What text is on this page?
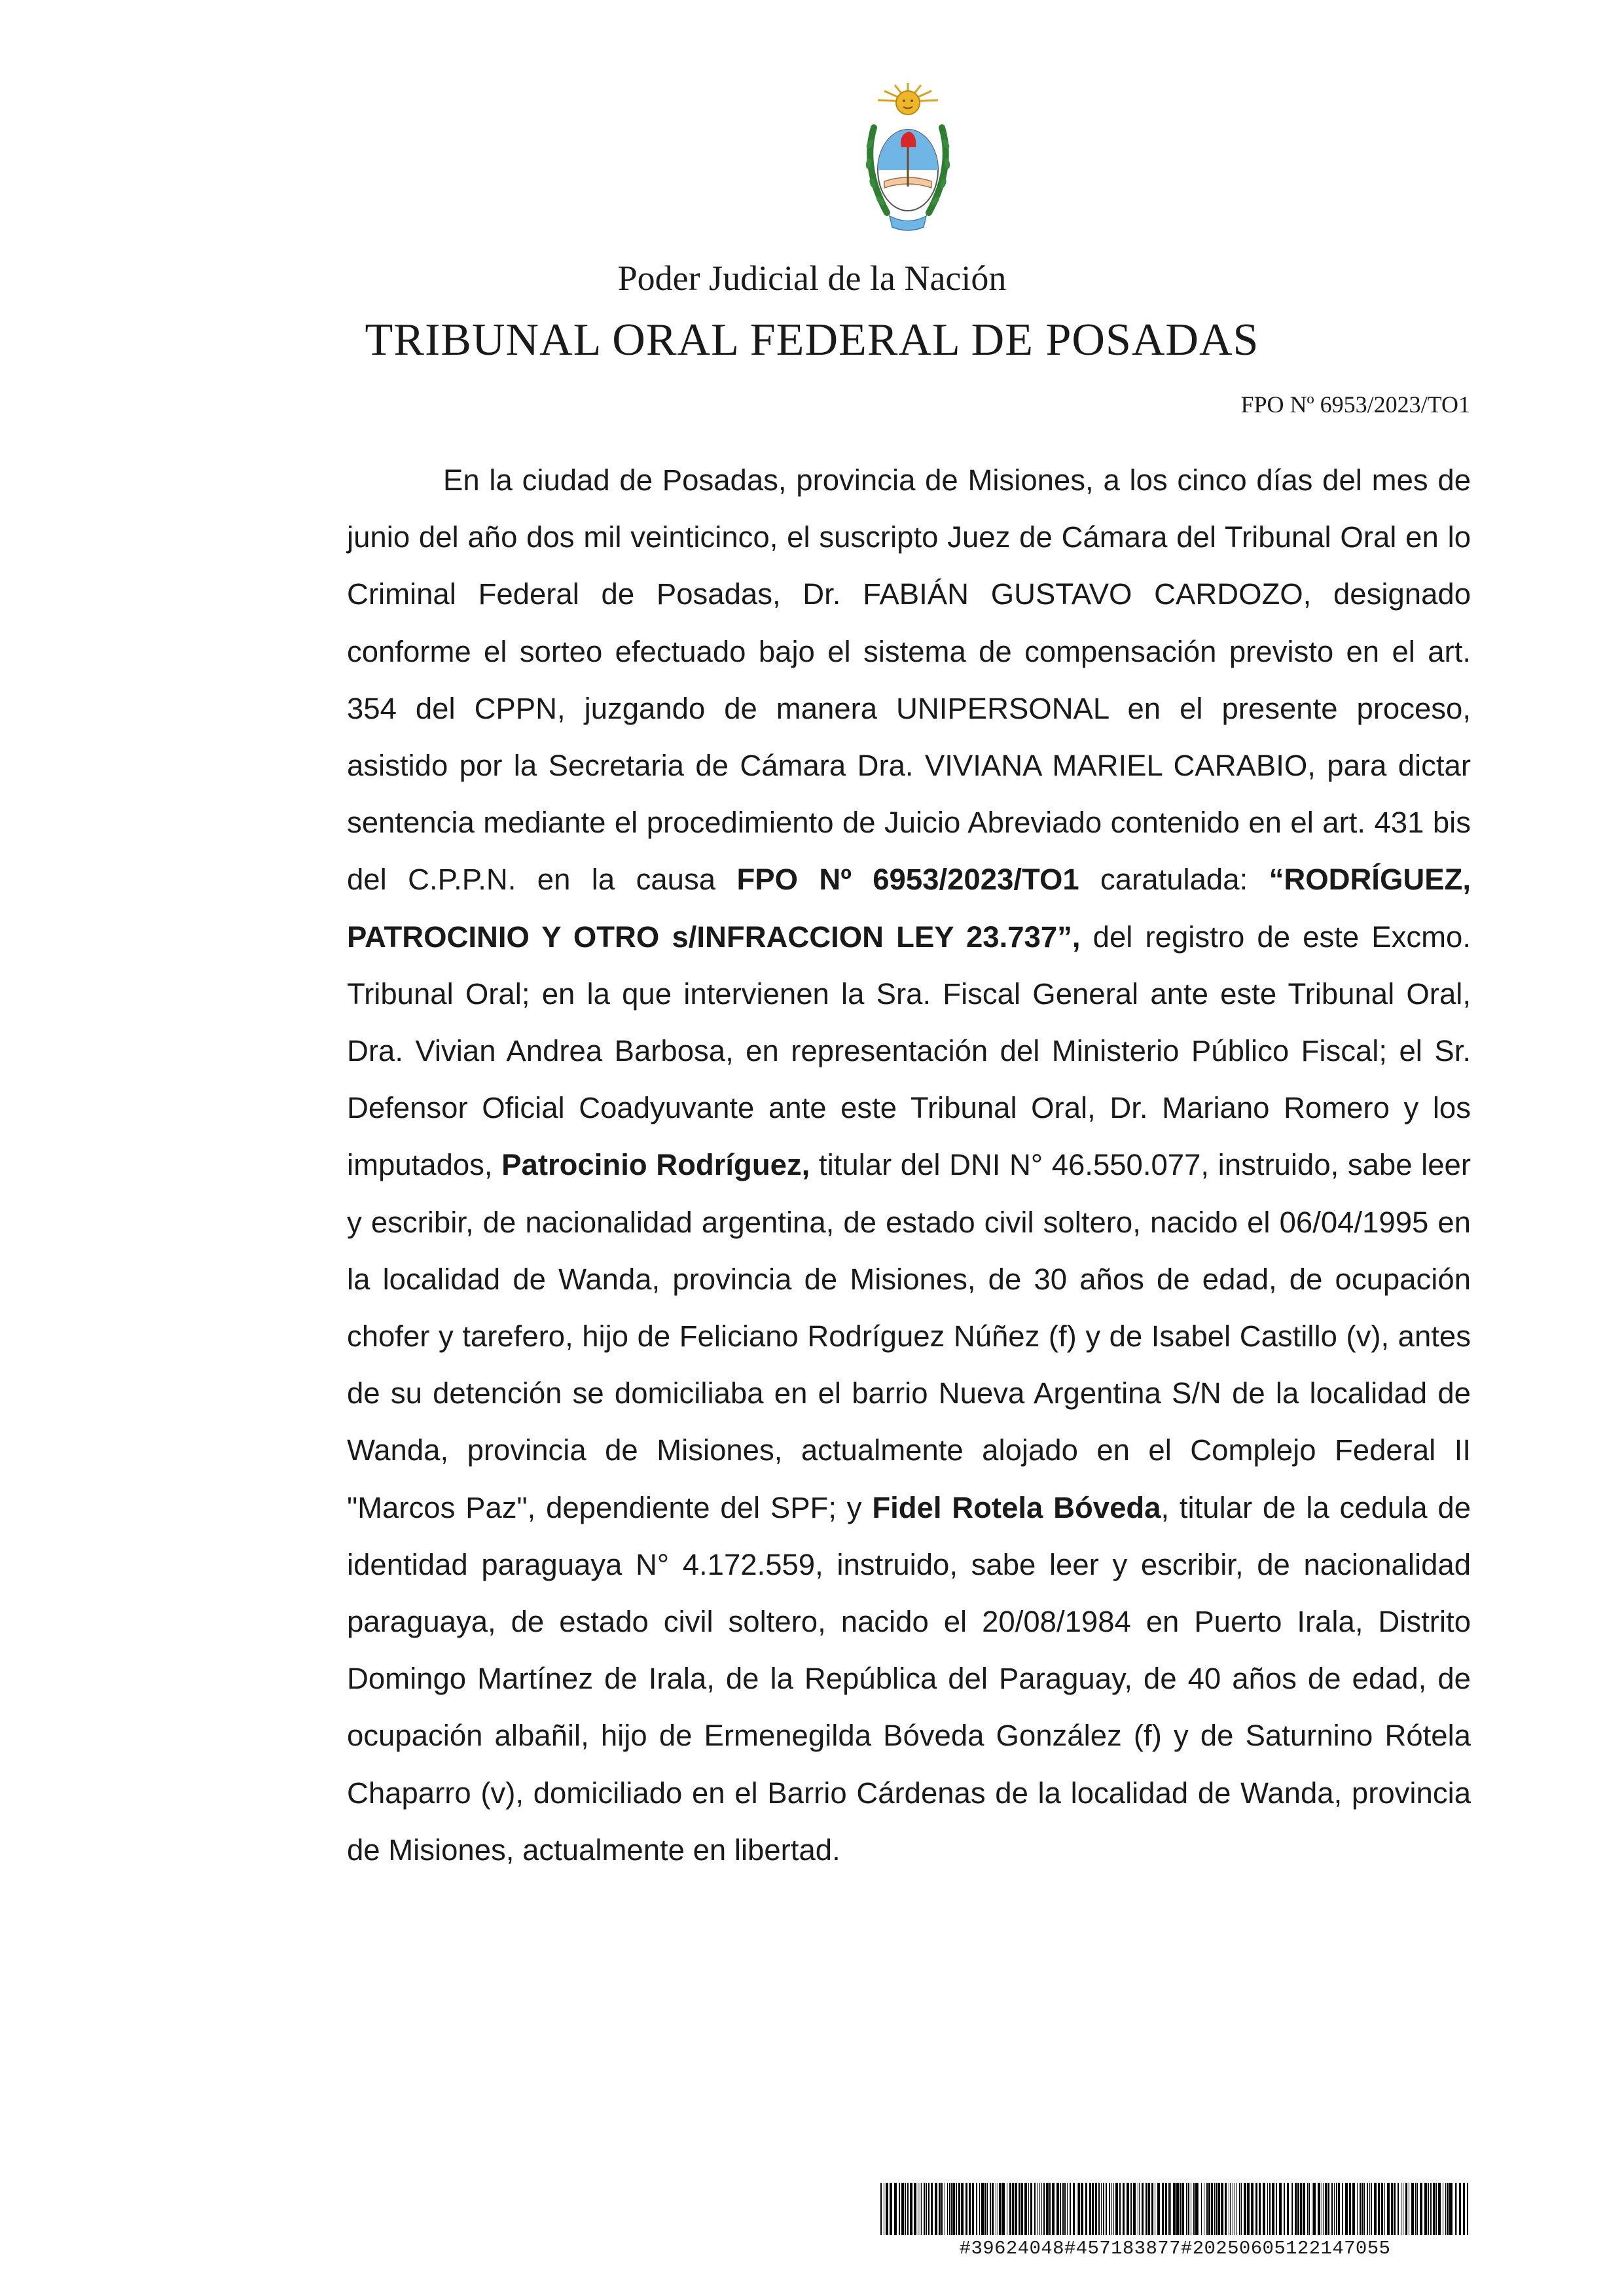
Poder Judicial de la Nación
TRIBUNAL ORAL FEDERAL DE POSADAS
FPO Nº 6953/2023/TO1

En la ciudad de Posadas, provincia de Misiones, a los cinco días del mes de junio del año dos mil veinticinco, el suscripto Juez de Cámara del Tribunal Oral en lo Criminal Federal de Posadas, Dr. FABIÁN GUSTAVO CARDOZO, designado conforme el sorteo efectuado bajo el sistema de compensación previsto en el art. 354 del CPPN, juzgando de manera UNIPERSONAL en el presente proceso, asistido por la Secretaria de Cámara Dra. VIVIANA MARIEL CARABIO, para dictar sentencia mediante el procedimiento de Juicio Abreviado contenido en el art. 431 bis del C.P.P.N. en la causa FPO Nº 6953/2023/TO1 caratulada: “RODRÍGUEZ, PATROCINIO Y OTRO s/INFRACCION LEY 23.737”, del registro de este Excmo. Tribunal Oral; en la que intervienen la Sra. Fiscal General ante este Tribunal Oral, Dra. Vivian Andrea Barbosa, en representación del Ministerio Público Fiscal; el Sr. Defensor Oficial Coadyuvante ante este Tribunal Oral, Dr. Mariano Romero y los imputados, Patrocinio Rodríguez, titular del DNI N° 46.550.077, instruido, sabe leer y escribir, de nacionalidad argentina, de estado civil soltero, nacido el 06/04/1995 en la localidad de Wanda, provincia de Misiones, de 30 años de edad, de ocupación chofer y tarefero, hijo de Feliciano Rodríguez Núñez (f) y de Isabel Castillo (v), antes de su detención se domiciliaba en el barrio Nueva Argentina S/N de la localidad de Wanda, provincia de Misiones, actualmente alojado en el Complejo Federal II "Marcos Paz", dependiente del SPF; y Fidel Rotela Bóveda, titular de la cedula de identidad paraguaya N° 4.172.559, instruido, sabe leer y escribir, de nacionalidad paraguaya, de estado civil soltero, nacido el 20/08/1984 en Puerto Irala, Distrito Domingo Martínez de Irala, de la República del Paraguay, de 40 años de edad, de ocupación albañil, hijo de Ermenegilda Bóveda González (f) y de Saturnino Rótela Chaparro (v), domiciliado en el Barrio Cárdenas de la localidad de Wanda, provincia de Misiones, actualmente en libertad.

#39624048#457183877#20250605122147055
